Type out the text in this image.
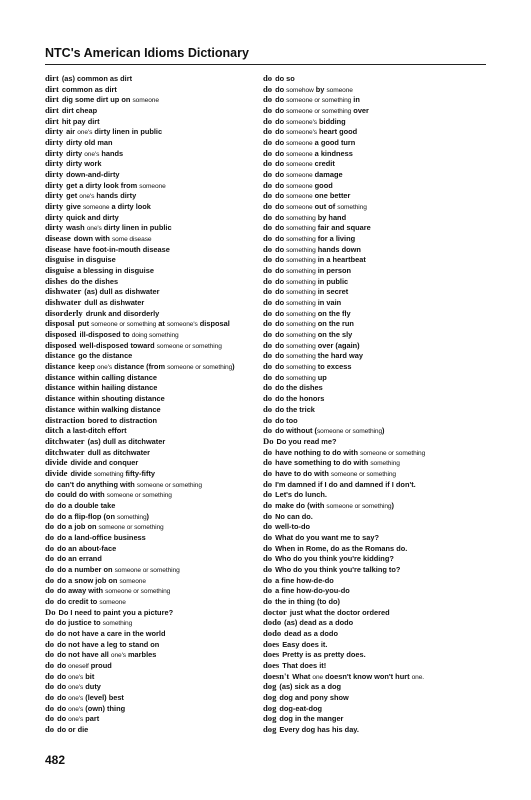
NTC's American Idioms Dictionary
dirt (as) common as dirt
dirt common as dirt
dirt dig some dirt up on someone
dirt dirt cheap
dirt hit pay dirt
dirty air one's dirty linen in public
dirty dirty old man
dirty dirty one's hands
dirty dirty work
dirty down-and-dirty
dirty get a dirty look from someone
dirty get one's hands dirty
dirty give someone a dirty look
dirty quick and dirty
dirty wash one's dirty linen in public
disease down with some disease
disease have foot-in-mouth disease
disguise in disguise
disguise a blessing in disguise
dishes do the dishes
dishwater (as) dull as dishwater
dishwater dull as dishwater
disorderly drunk and disorderly
disposal put someone or something at someone's disposal
disposed ill-disposed to doing something
disposed well-disposed toward someone or something
distance go the distance
distance keep one's distance (from someone or something)
distance within calling distance
distance within hailing distance
distance within shouting distance
distance within walking distance
distraction bored to distraction
ditch a last-ditch effort
ditchwater (as) dull as ditchwater
ditchwater dull as ditchwater
divide divide and conquer
divide divide something fifty-fifty
do can't do anything with someone or something
do could do with someone or something
do do a double take
do do a flip-flop (on something)
do do a job on someone or something
do do a land-office business
do do an about-face
do do an errand
do do a number on someone or something
do do a snow job on someone
do do away with someone or something
do do credit to someone
Do Do I need to paint you a picture?
do do justice to something
do do not have a care in the world
do do not have a leg to stand on
do do not have all one's marbles
do do oneself proud
do do one's bit
do do one's duty
do do one's (level) best
do do one's (own) thing
do do one's part
do do or die
do do so
do do somehow by someone
do do someone or something in
do do someone or something over
do do someone's bidding
do do someone's heart good
do do someone a good turn
do do someone a kindness
do do someone credit
do do someone damage
do do someone good
do do someone one better
do do someone out of something
do do something by hand
do do something fair and square
do do something for a living
do do something hands down
do do something in a heartbeat
do do something in person
do do something in public
do do something in secret
do do something in vain
do do something on the fly
do do something on the run
do do something on the sly
do do something over (again)
do do something the hard way
do do something to excess
do do something up
do do the dishes
do do the honors
do do the trick
do do too
do do without (someone or something)
Do Do you read me?
do have nothing to do with someone or something
do have something to do with something
do have to do with someone or something
do I'm damned if I do and damned if I don't.
do Let's do lunch.
do make do (with someone or something)
do No can do.
do well-to-do
do What do you want me to say?
do When in Rome, do as the Romans do.
do Who do you think you're kidding?
do Who do you think you're talking to?
do a fine how-de-do
do a fine how-do-you-do
do the in thing (to do)
doctor just what the doctor ordered
dodo (as) dead as a dodo
dodo dead as a dodo
does Easy does it.
does Pretty is as pretty does.
does That does it!
doesn't What one doesn't know won't hurt one.
dog (as) sick as a dog
dog dog and pony show
dog dog-eat-dog
dog dog in the manger
dog Every dog has his day.
482
